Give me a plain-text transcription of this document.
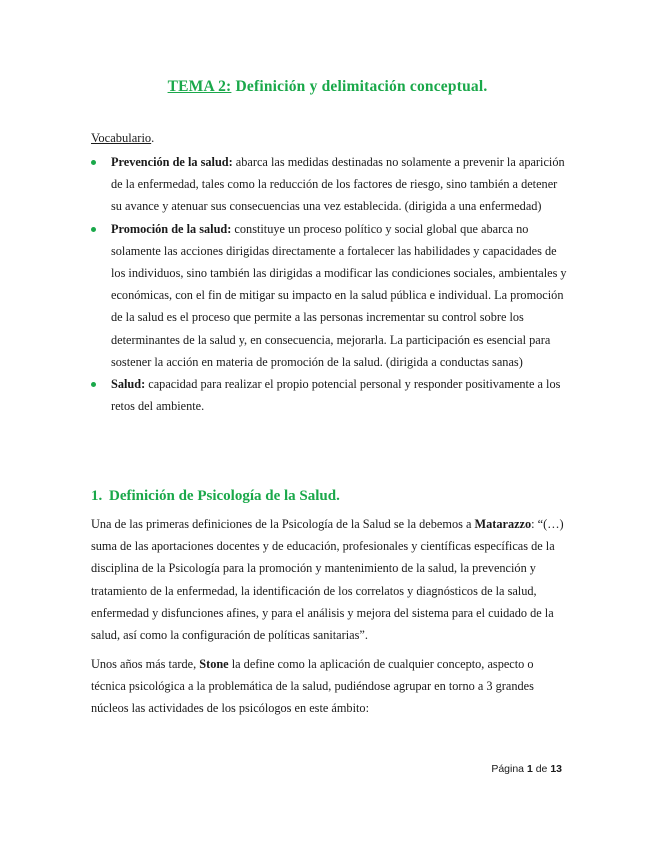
TEMA 2: Definición y delimitación conceptual.
Vocabulario.
Prevención de la salud: abarca las medidas destinadas no solamente a prevenir la aparición de la enfermedad, tales como la reducción de los factores de riesgo, sino también a detener su avance y atenuar sus consecuencias una vez establecida. (dirigida a una enfermedad)
Promoción de la salud: constituye un proceso político y social global que abarca no solamente las acciones dirigidas directamente a fortalecer las habilidades y capacidades de los individuos, sino también las dirigidas a modificar las condiciones sociales, ambientales y económicas, con el fin de mitigar su impacto en la salud pública e individual. La promoción de la salud es el proceso que permite a las personas incrementar su control sobre los determinantes de la salud y, en consecuencia, mejorarla. La participación es esencial para sostener la acción en materia de promoción de la salud. (dirigida a conductas sanas)
Salud: capacidad para realizar el propio potencial personal y responder positivamente a los retos del ambiente.
1. Definición de Psicología de la Salud.

Una de las primeras definiciones de la Psicología de la Salud se la debemos a Matarazzo: “(…) suma de las aportaciones docentes y de educación, profesionales y científicas específicas de la disciplina de la Psicología para la promoción y mantenimiento de la salud, la prevención y tratamiento de la enfermedad, la identificación de los correlatos y diagnósticos de la salud, enfermedad y disfunciones afines, y para el análisis y mejora del sistema para el cuidado de la salud, así como la configuración de políticas sanitarias”.

Unos años más tarde, Stone la define como la aplicación de cualquier concepto, aspecto o técnica psicológica a la problemática de la salud, pudiéndose agrupar en torno a 3 grandes núcleos las actividades de los psicólogos en este ámbito:

Página 1 de 13
